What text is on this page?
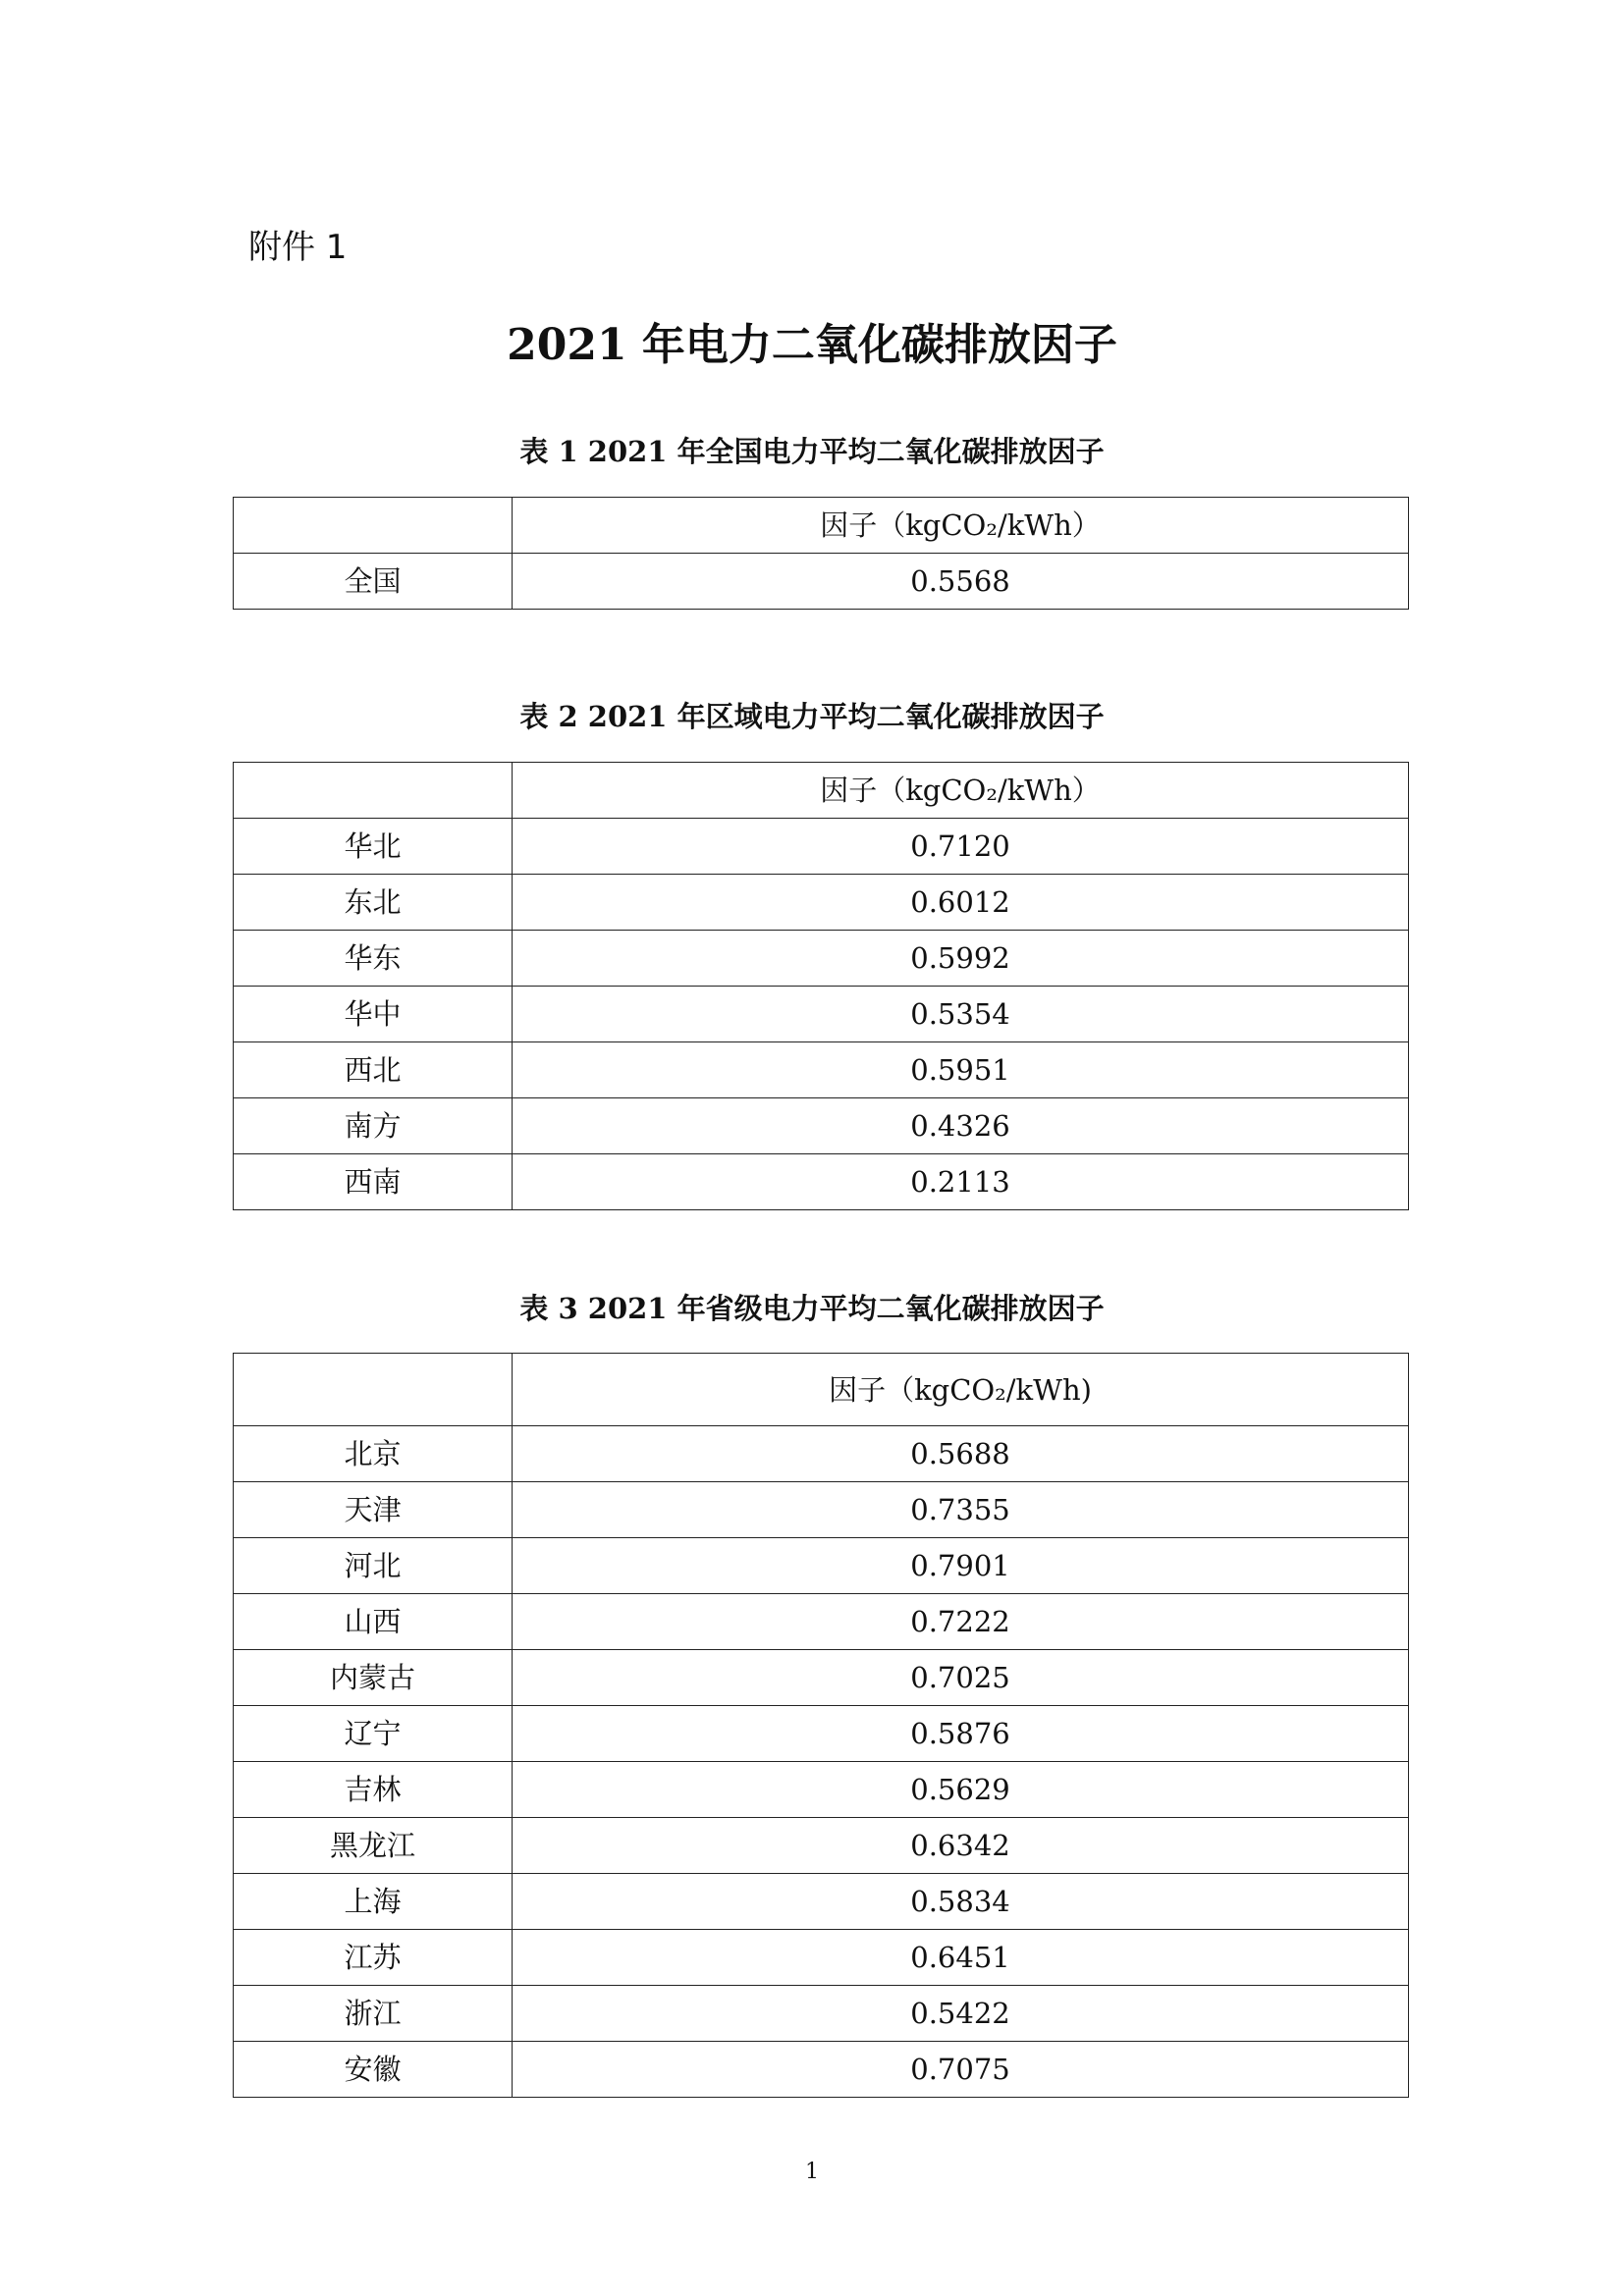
附件 1
2021 年电力二氧化碳排放因子
表 1 2021 年全国电力平均二氧化碳排放因子
	因子（kgCO₂/kWh）
全国	0.5568
表 2 2021 年区域电力平均二氧化碳排放因子
	因子（kgCO₂/kWh）
华北	0.7120
东北	0.6012
华东	0.5992
华中	0.5354
西北	0.5951
南方	0.4326
西南	0.2113
表 3 2021 年省级电力平均二氧化碳排放因子
	因子（kgCO₂/kWh)
北京	0.5688
天津	0.7355
河北	0.7901
山西	0.7222
内蒙古	0.7025
辽宁	0.5876
吉林	0.5629
黑龙江	0.6342
上海	0.5834
江苏	0.6451
浙江	0.5422
安徽	0.7075
1
